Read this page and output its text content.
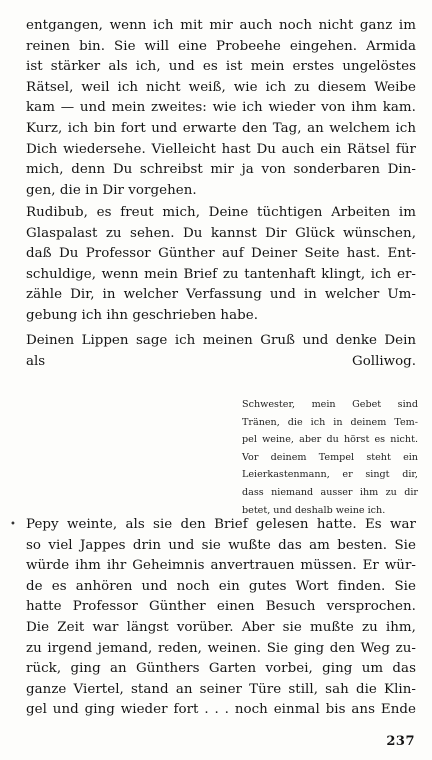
entgangen, wenn ich mit mir auch noch nicht ganz im
reinen bin. Sie will eine Probeehe eingehen. Armida
ist stärker als ich, und es ist mein erstes ungelöstes
Rätsel, weil ich nicht weiß, wie ich zu diesem Weibe
kam — und mein zweites: wie ich wieder von ihm kam.
Kurz, ich bin fort und erwarte den Tag, an welchem ich
Dich wiedersehe. Vielleicht hast Du auch ein Rätsel für
mich, denn Du schreibst mir ja von sonderbaren Din-
gen, die in Dir vorgehen.
Rudibub, es freut mich, Deine tüchtigen Arbeiten im
Glaspalast zu sehen. Du kannst Dir Glück wünschen,
daß Du Professor Günther auf Deiner Seite hast. Ent-
schuldige, wenn mein Brief zu tantenhaft klingt, ich er-
zähle Dir, in welcher Verfassung und in welcher Um-
gebung ich ihn geschrieben habe.
Deinen Lippen sage ich meinen Gruß und denke Dein
als	Golliwog.
Schwester, mein Gebet sind
Tränen, die ich in deinem Tem-
pel weine, aber du hörst es nicht.
Vor deinem Tempel steht ein
Leierkastenmann, er singt dir,
dass niemand ausser ihm zu dir
betet, und deshalb weine ich.
• Pepy weinte, als sie den Brief gelesen hatte. Es war
so viel Jappes drin und sie wußte das am besten. Sie
würde ihm ihr Geheimnis anvertrauen müssen. Er wür-
de es anhören und noch ein gutes Wort finden. Sie
hatte Professor Günther einen Besuch versprochen.
Die Zeit war längst vorüber. Aber sie mußte zu ihm,
zu irgend jemand, reden, weinen. Sie ging den Weg zu-
rück, ging an Günthers Garten vorbei, ging um das
ganze Viertel, stand an seiner Türe still, sah die Klin-
gel und ging wieder fort . . . noch einmal bis ans Ende
237
